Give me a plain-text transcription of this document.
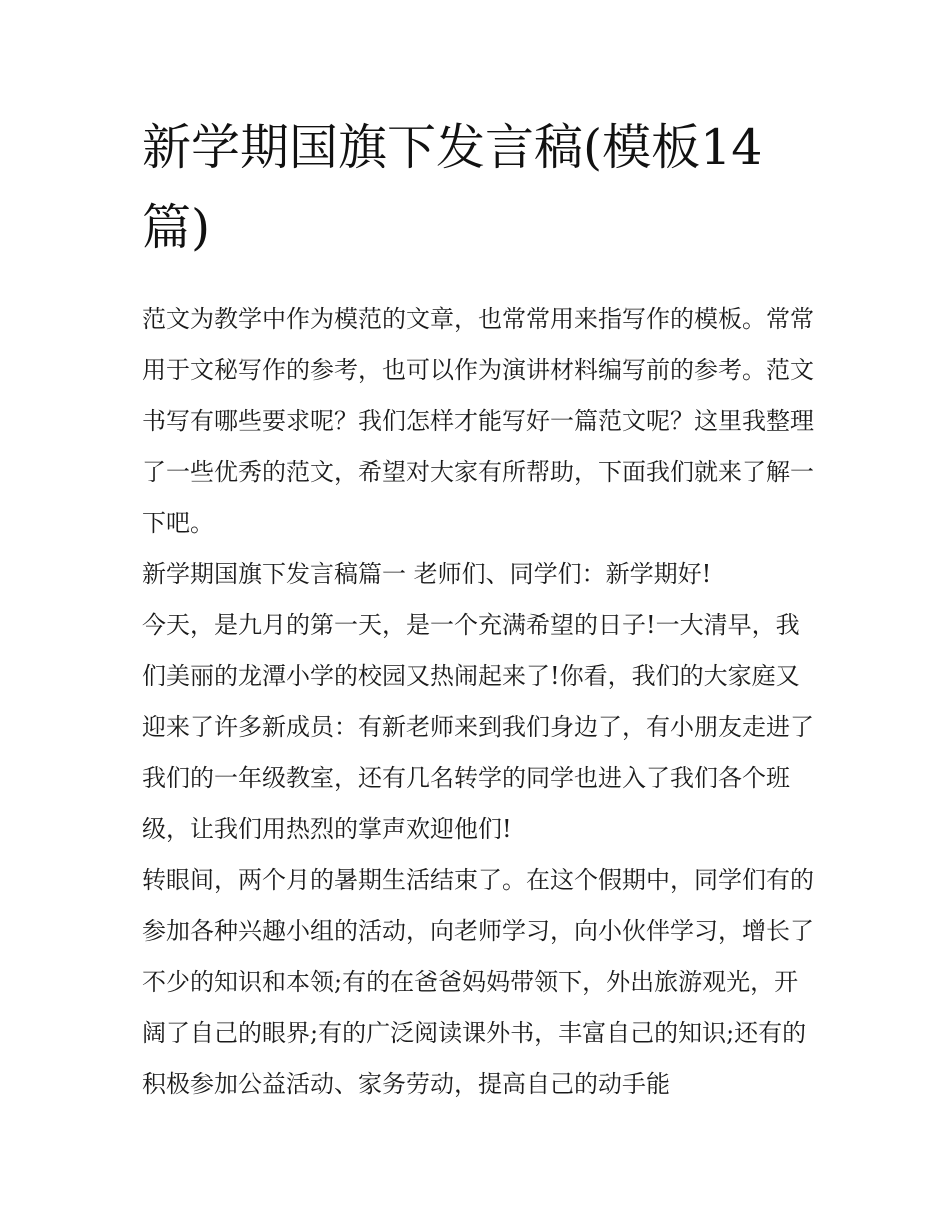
新学期国旗下发言稿(模板14篇)

范文为教学中作为模范的文章，也常常用来指写作的模板。常常用于文秘写作的参考，也可以作为演讲材料编写前的参考。范文书写有哪些要求呢？我们怎样才能写好一篇范文呢？这里我整理了一些优秀的范文，希望对大家有所帮助，下面我们就来了解一下吧。

新学期国旗下发言稿篇一 老师们、同学们：新学期好!

今天，是九月的第一天，是一个充满希望的日子!一大清早，我们美丽的龙潭小学的校园又热闹起来了!你看，我们的大家庭又迎来了许多新成员：有新老师来到我们身边了，有小朋友走进了我们的一年级教室，还有几名转学的同学也进入了我们各个班级，让我们用热烈的掌声欢迎他们!

转眼间，两个月的暑期生活结束了。在这个假期中，同学们有的参加各种兴趣小组的活动，向老师学习，向小伙伴学习，增长了不少的知识和本领;有的在爸爸妈妈带领下，外出旅游观光，开阔了自己的眼界;有的广泛阅读课外书，丰富自己的知识;还有的积极参加公益活动、家务劳动，提高自己的动手能
